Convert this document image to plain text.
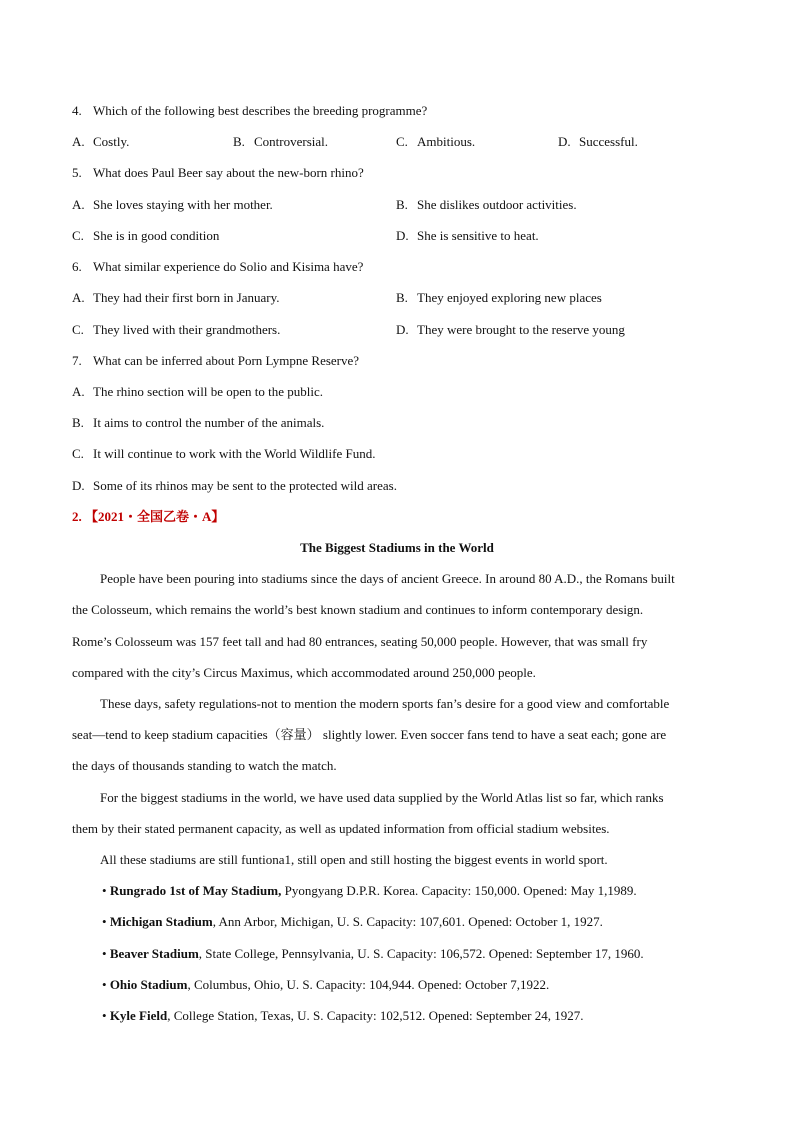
4. Which of the following best describes the breeding programme?
A. Costly.	B. Controversial.	C. Ambitious.	D. Successful.
5. What does Paul Beer say about the new-born rhino?
A. She loves staying with her mother.	B. She dislikes outdoor activities.
C. She is in good condition	D. She is sensitive to heat.
6. What similar experience do Solio and Kisima have?
A. They had their first born in January.	B. They enjoyed exploring new places
C. They lived with their grandmothers.	D. They were brought to the reserve young
7. What can be inferred about Porn Lympne Reserve?
A. The rhino section will be open to the public.
B. It aims to control the number of the animals.
C. It will continue to work with the World Wildlife Fund.
D. Some of its rhinos may be sent to the protected wild areas.
2. 【2021・全国乙卷・A】
The Biggest Stadiums in the World
People have been pouring into stadiums since the days of ancient Greece. In around 80 A.D., the Romans built
the Colosseum, which remains the world’s best known stadium and continues to inform contemporary design.
Rome’s Colosseum was 157 feet tall and had 80 entrances, seating 50,000 people. However, that was small fry
compared with the city’s Circus Maximus, which accommodated around 250,000 people.
These days, safety regulations-not to mention the modern sports fan’s desire for a good view and comfortable
seat—tend to keep stadium capacities（容量） slightly lower. Even soccer fans tend to have a seat each; gone are
the days of thousands standing to watch the match.
For the biggest stadiums in the world, we have used data supplied by the World Atlas list so far, which ranks
them by their stated permanent capacity, as well as updated information from official stadium websites.
All these stadiums are still funtiona1, still open and still hosting the biggest events in world sport.
• Rungrado 1st of May Stadium, Pyongyang D.P.R. Korea. Capacity: 150,000. Opened: May 1,1989.
• Michigan Stadium, Ann Arbor, Michigan, U. S. Capacity: 107,601. Opened: October 1, 1927.
• Beaver Stadium, State College, Pennsylvania, U. S. Capacity: 106,572. Opened: September 17, 1960.
• Ohio Stadium, Columbus, Ohio, U. S. Capacity: 104,944. Opened: October 7,1922.
• Kyle Field, College Station, Texas, U. S. Capacity: 102,512. Opened: September 24, 1927.
